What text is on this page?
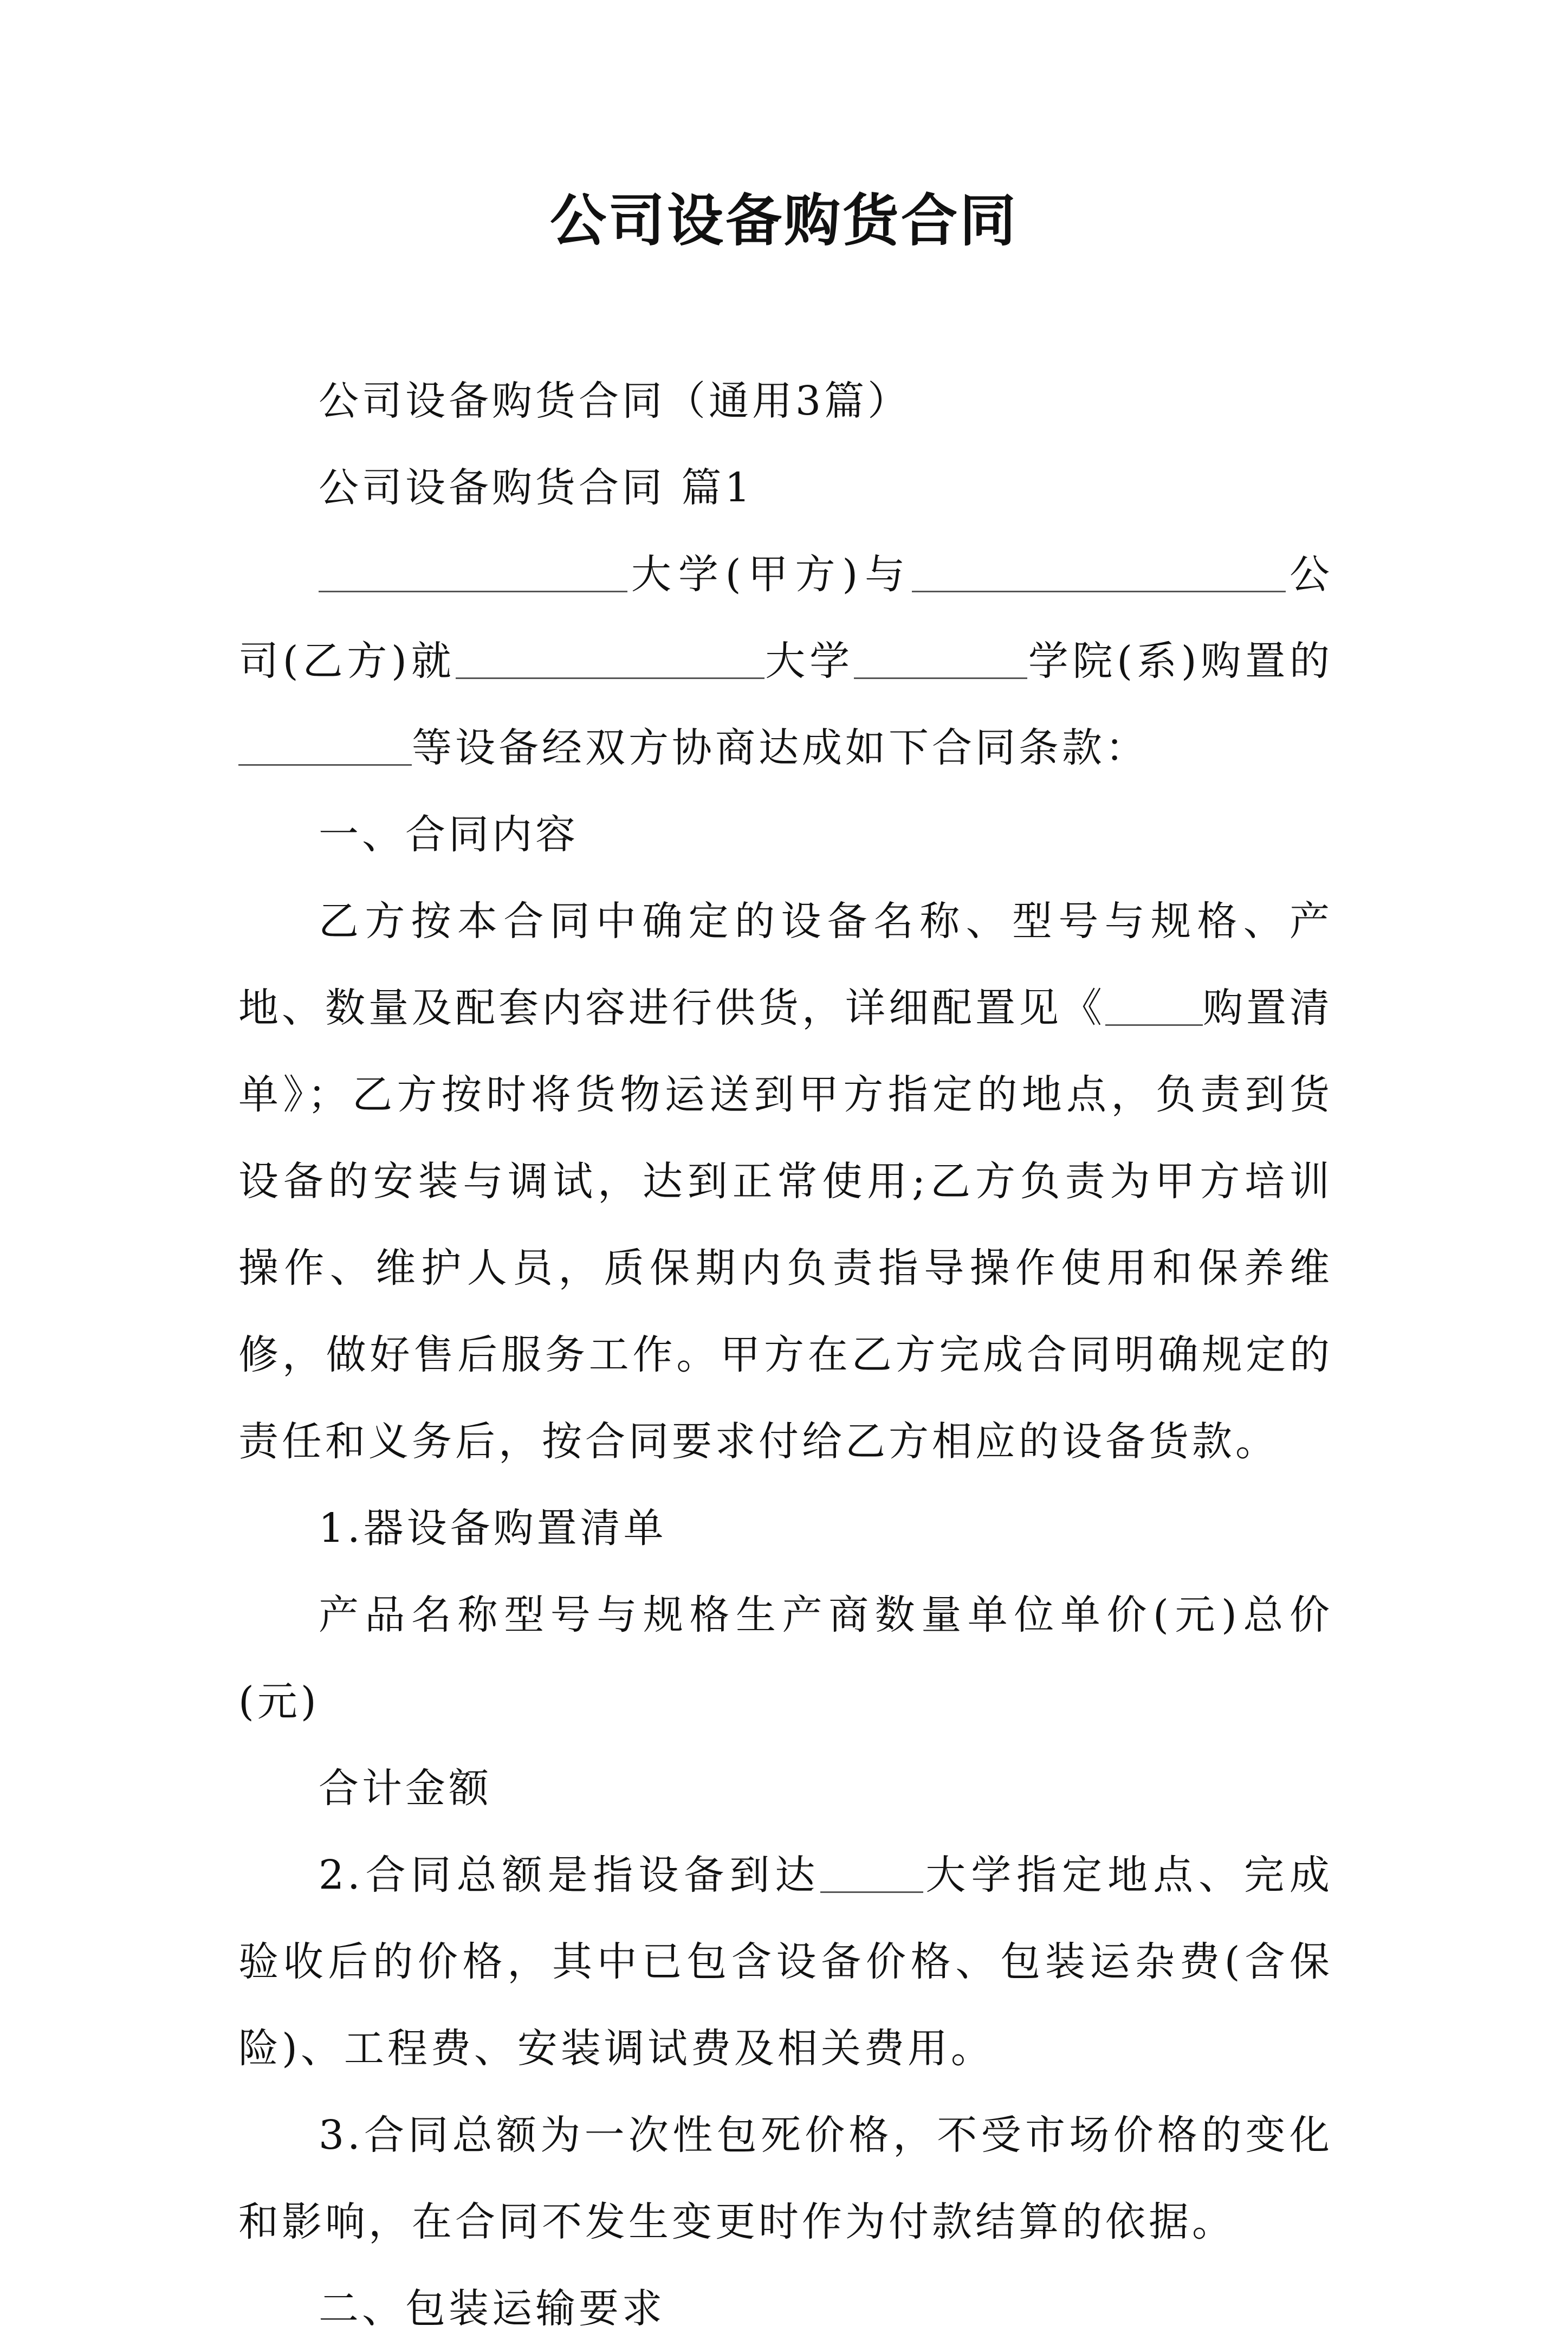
公司设备购货合同

公司设备购货合同（通用3篇）

公司设备购货合同 篇1

大学(甲方)与	公司(乙方)就	大学	学院(系)购置的等设备经双方协商达成如下合同条款：

一、合同内容

乙方按本合同中确定的设备名称、型号与规格、产地、数量及配套内容进行供货，详细配置见《 购置清单》；乙方按时将货物运送到甲方指定的地点，负责到货设备的安装与调试，达到正常使用;乙方负责为甲方培训操作、维护人员，质保期内负责指导操作使用和保养维修，做好售后服务工作。甲方在乙方完成合同明确规定的责任和义务后，按合同要求付给乙方相应的设备货款。

1.器设备购置清单

产品名称型号与规格生产商数量单位单价(元)总价(元)

合计金额

2.合同总额是指设备到达	大学指定地点、完成验收后的价格，其中已包含设备价格、包装运杂费(含保险)、工程费、安装调试费及相关费用。

3.合同总额为一次性包死价格，不受市场价格的变化和影响，在合同不发生变更时作为付款结算的依据。

二、包装运输要求
